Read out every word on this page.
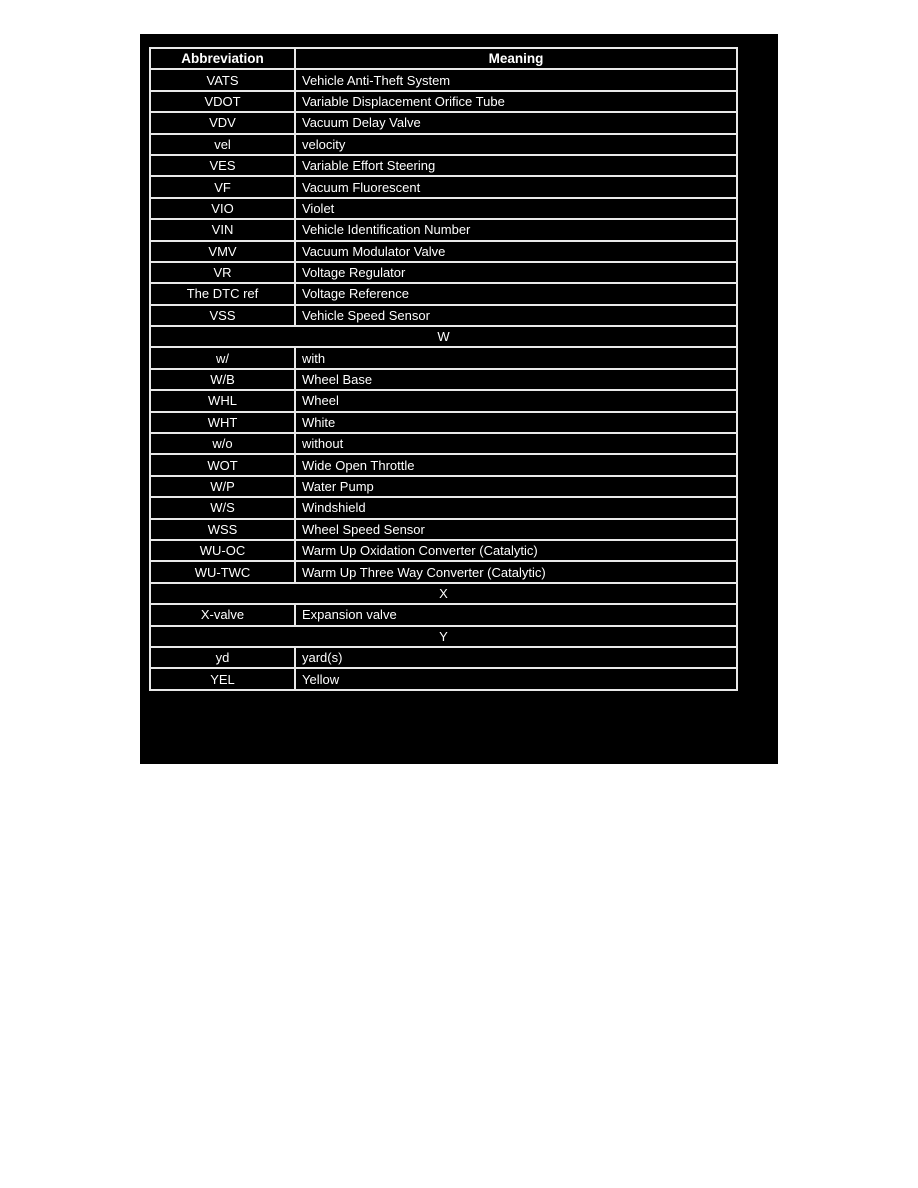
Abbreviation	Meaning
VATS	Vehicle Anti-Theft System
VDOT	Variable Displacement Orifice Tube
VDV	Vacuum Delay Valve
vel	velocity
VES	Variable Effort Steering
VF	Vacuum Fluorescent
VIO	Violet
VIN	Vehicle Identification Number
VMV	Vacuum Modulator Valve
VR	Voltage Regulator
The DTC ref	Voltage Reference
VSS	Vehicle Speed Sensor
W	
w/	with
W/B	Wheel Base
WHL	Wheel
WHT	White
w/o	without
WOT	Wide Open Throttle
W/P	Water Pump
W/S	Windshield
WSS	Wheel Speed Sensor
WU-OC	Warm Up Oxidation Converter (Catalytic)
WU-TWC	Warm Up Three Way Converter (Catalytic)
X	
X-valve	Expansion valve
Y	
yd	yard(s)
YEL	Yellow
